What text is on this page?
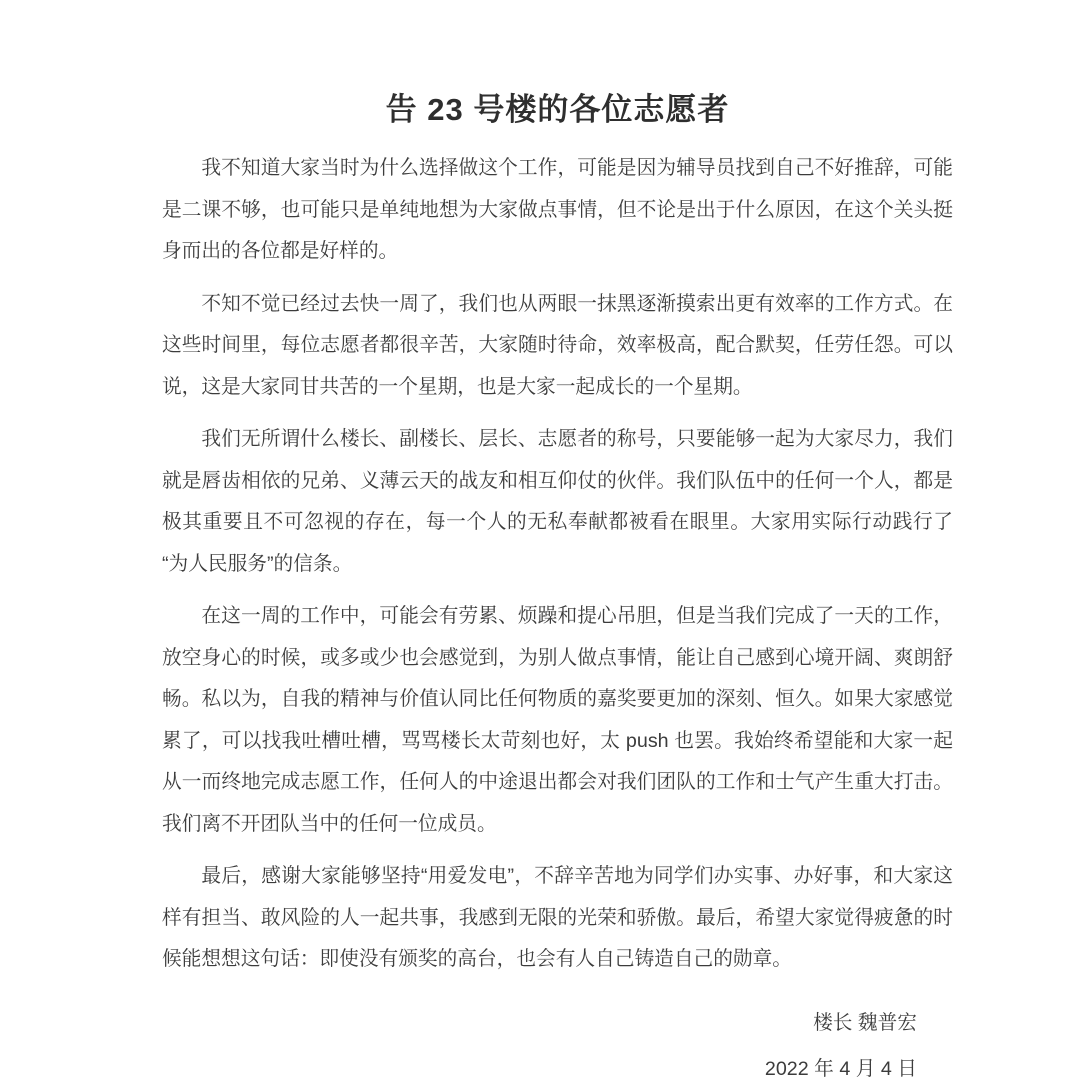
告 23 号楼的各位志愿者

我不知道大家当时为什么选择做这个工作，可能是因为辅导员找到自己不好推辞，可能是二课不够，也可能只是单纯地想为大家做点事情，但不论是出于什么原因，在这个关头挺身而出的各位都是好样的。

不知不觉已经过去快一周了，我们也从两眼一抹黑逐渐摸索出更有效率的工作方式。在这些时间里，每位志愿者都很辛苦，大家随时待命，效率极高，配合默契，任劳任怨。可以说，这是大家同甘共苦的一个星期，也是大家一起成长的一个星期。

我们无所谓什么楼长、副楼长、层长、志愿者的称号，只要能够一起为大家尽力，我们就是唇齿相依的兄弟、义薄云天的战友和相互仰仗的伙伴。我们队伍中的任何一个人，都是极其重要且不可忽视的存在，每一个人的无私奉献都被看在眼里。大家用实际行动践行了“为人民服务”的信条。

在这一周的工作中，可能会有劳累、烦躁和提心吊胆，但是当我们完成了一天的工作，放空身心的时候，或多或少也会感觉到，为别人做点事情，能让自己感到心境开阔、爽朗舒畅。私以为，自我的精神与价值认同比任何物质的嘉奖要更加的深刻、恒久。如果大家感觉累了，可以找我吐槽吐槽，骂骂楼长太苛刻也好，太 push 也罢。我始终希望能和大家一起从一而终地完成志愿工作，任何人的中途退出都会对我们团队的工作和士气产生重大打击。我们离不开团队当中的任何一位成员。

最后，感谢大家能够坚持“用爱发电”，不辞辛苦地为同学们办实事、办好事，和大家这样有担当、敢风险的人一起共事，我感到无限的光荣和骄傲。最后，希望大家觉得疲惫的时候能想想这句话：即使没有颁奖的高台，也会有人自己铸造自己的勋章。

楼长 魏普宏

2022 年 4 月 4 日
